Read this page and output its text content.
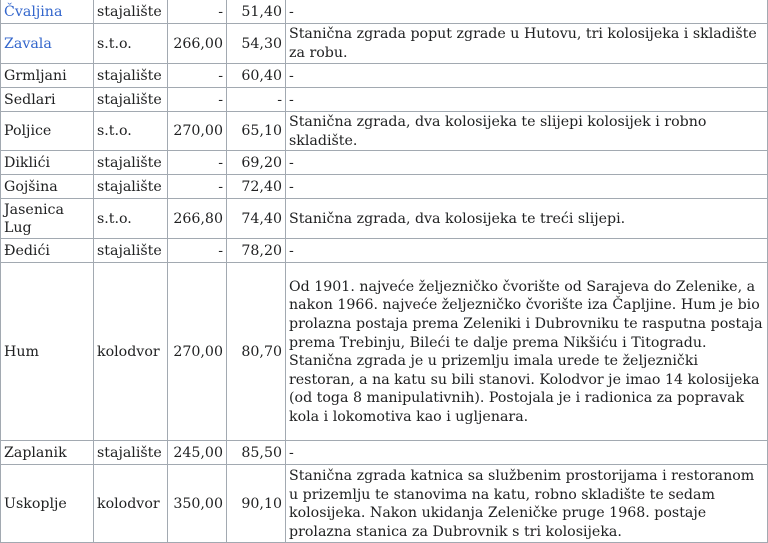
Čvaljina	stajalište	-	51,40	-
Zavala	s.t.o.	266,00	54,30	Stanična zgrada poput zgrade u Hutovu, tri kolosijeka i skladište za robu.
Grmljani	stajalište	-	60,40	-
Sedlari	stajalište	-	-	-
Poljice	s.t.o.	270,00	65,10	Stanična zgrada, dva kolosijeka te slijepi kolosijek i robno skladište.
Diklići	stajalište	-	69,20	-
Gojšina	stajalište	-	72,40	-
Jasenica Lug	s.t.o.	266,80	74,40	Stanična zgrada, dva kolosijeka te treći slijepi.
Đedići	stajalište	-	78,20	-
Hum	kolodvor	270,00	80,70	Od 1901. najveće željezničko čvorište od Sarajeva do Zelenike, a nakon 1966. najveće željezničko čvorište iza Čapljine. Hum je bio prolazna postaja prema Zeleniki i Dubrovniku te rasputna postaja prema Trebinju, Bileći te dalje prema Nikšiću i Titogradu. Stanična zgrada je u prizemlju imala urede te željeznički restoran, a na katu su bili stanovi. Kolodvor je imao 14 kolosijeka (od toga 8 manipulativnih). Postojala je i radionica za popravak kola i lokomotiva kao i ugljenara.
Zaplanik	stajalište	245,00	85,50	-
Uskoplje	kolodvor	350,00	90,10	Stanična zgrada katnica sa službenim prostorijama i restoranom u prizemlju te stanovima na katu, robno skladište te sedam kolosijeka. Nakon ukidanja Zeleničke pruge 1968. postaje prolazna stanica za Dubrovnik s tri kolosijeka.
